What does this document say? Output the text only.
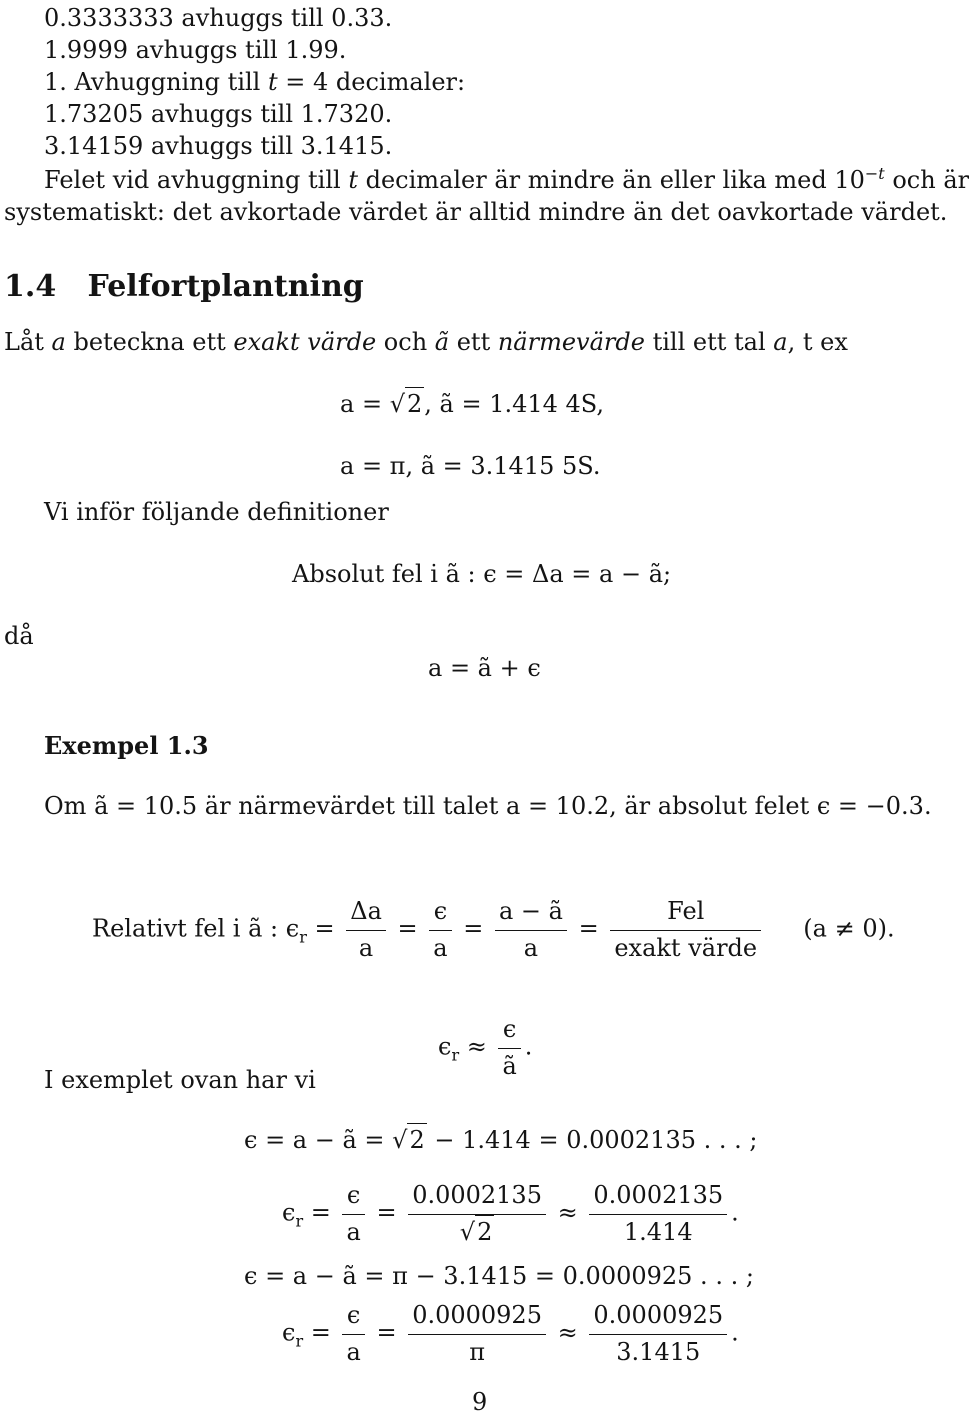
0.3333333 avhuggs till 0.33.
1.9999 avhuggs till 1.99.
1. Avhuggning till t = 4 decimaler:
1.73205 avhuggs till 1.7320.
3.14159 avhuggs till 3.1415.
Felet vid avhuggning till t decimaler är mindre än eller lika med $10^{-t}$ och är
systematiskt: det avkortade värdet är alltid mindre än det oavkortade värdet.
1.4 Felfortplantning
Låt a beteckna ett exakt värde och ã ett närmevärde till ett tal a, t ex
a = √2, ã = 1.414 4S,
a = π, ã = 3.1415 5S.
Vi inför följande definitioner
Absolut fel i ã : ϵ = Δa = a − ã;
då
a = ã + ϵ
Exempel 1.3
Om ã = 10.5 är närmevärdet till talet a = 10.2, är absolut felet ϵ = −0.3.
Relativt fel i ã : $\epsilon_r = \frac{\Delta a}{a} = \frac{\epsilon}{a} = \frac{a - ã}{a} = \frac{\text{Fel}}{\text{exakt värde}} (a \ne 0)$.
$\epsilon_r \approx \frac{\epsilon}{ã}$ .
I exemplet ovan har vi
ϵ = a − ã = √2 − 1.414 = 0.0002135 . . . ;
$\epsilon_r = \frac{\epsilon}{a} = \frac{0.0002135}{√2} \approx \frac{0.0002135}{1.414}$ .
ϵ = a − ã = π − 3.1415 = 0.0000925 . . . ;
$\epsilon_r = \frac{\epsilon}{a} = \frac{0.0000925}{\pi} \approx \frac{0.0000925}{3.1415}$ .
9
